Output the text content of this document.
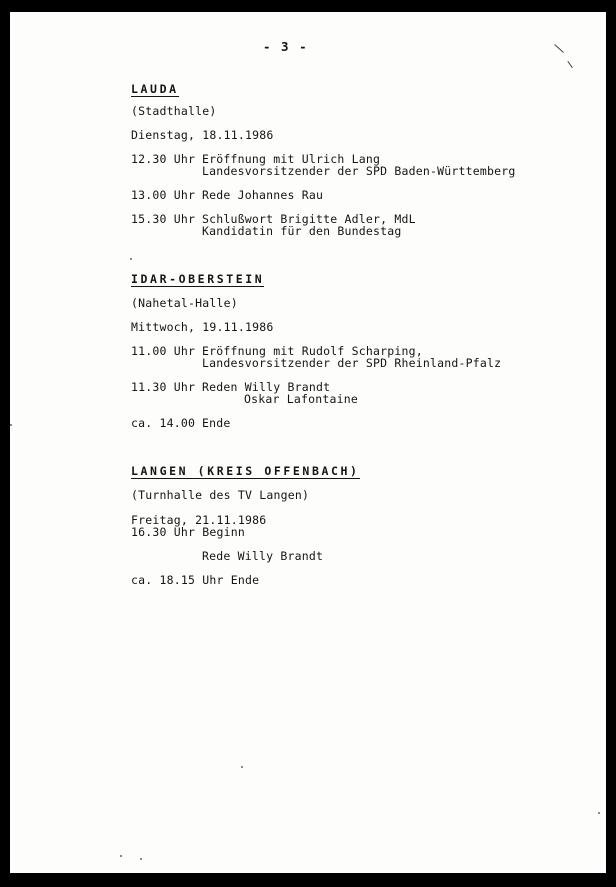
- 3 -
LAUDA
(Stadthalle)
Dienstag, 18.11.1986
12.30 Uhr Eröffnung mit Ulrich Lang
Landesvorsitzender der SPD Baden-Württemberg
13.00 Uhr Rede Johannes Rau
15.30 Uhr Schlußwort Brigitte Adler, MdL
Kandidatin für den Bundestag
IDAR-OBERSTEIN
(Nahetal-Halle)
Mittwoch, 19.11.1986
11.00 Uhr Eröffnung mit Rudolf Scharping,
Landesvorsitzender der SPD Rheinland-Pfalz
11.30 Uhr Reden Willy Brandt
Oskar Lafontaine
ca. 14.00 Ende
LANGEN (KREIS OFFENBACH)
(Turnhalle des TV Langen)
Freitag, 21.11.1986
16.30 Uhr Beginn
Rede Willy Brandt
ca. 18.15 Uhr Ende
